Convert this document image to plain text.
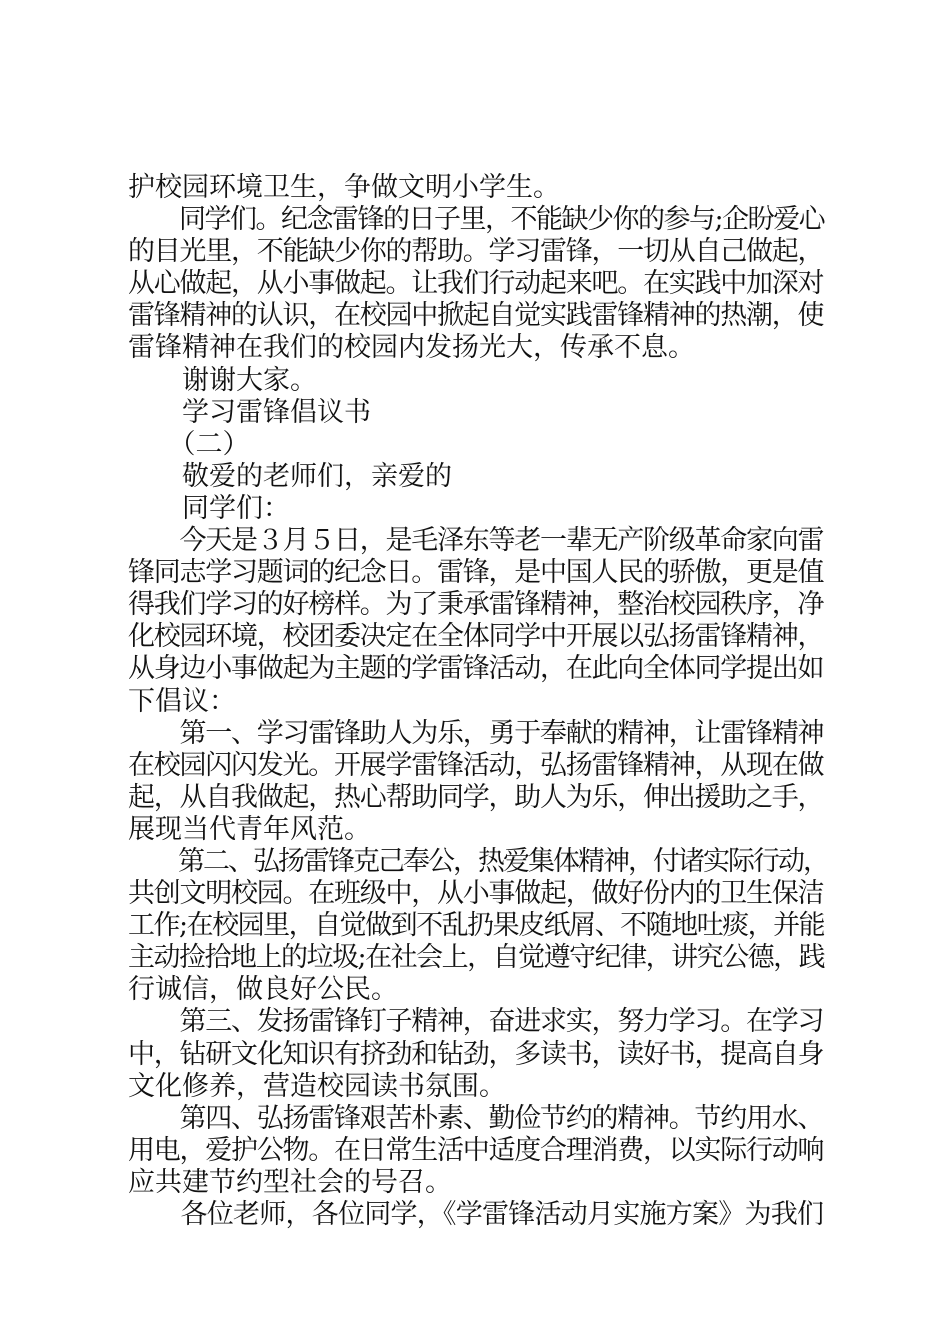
护校园环境卫生，争做文明小学生。
　　同学们。纪念雷锋的日子里，不能缺少你的参与;企盼爱心
的目光里，不能缺少你的帮助。学习雷锋，一切从自己做起，
从心做起，从小事做起。让我们行动起来吧。在实践中加深对
雷锋精神的认识，在校园中掀起自觉实践雷锋精神的热潮，使
雷锋精神在我们的校园内发扬光大，传承不息。
　　谢谢大家。
　　学习雷锋倡议书
　　（二）
　　敬爱的老师们，亲爱的
　　同学们：
　　今天是３月５日，是毛泽东等老一辈无产阶级革命家向雷
锋同志学习题词的纪念日。雷锋，是中国人民的骄傲，更是值
得我们学习的好榜样。为了秉承雷锋精神，整治校园秩序，净
化校园环境，校团委决定在全体同学中开展以弘扬雷锋精神，
从身边小事做起为主题的学雷锋活动，在此向全体同学提出如
下倡议：
　　第一、学习雷锋助人为乐，勇于奉献的精神，让雷锋精神
在校园闪闪发光。开展学雷锋活动，弘扬雷锋精神，从现在做
起，从自我做起，热心帮助同学，助人为乐，伸出援助之手，
展现当代青年风范。
　　第二、弘扬雷锋克己奉公，热爱集体精神，付诸实际行动，
共创文明校园。在班级中，从小事做起，做好份内的卫生保洁
工作;在校园里，自觉做到不乱扔果皮纸屑、不随地吐痰，并能
主动捡拾地上的垃圾;在社会上，自觉遵守纪律，讲究公德，践
行诚信，做良好公民。
　　第三、发扬雷锋钉子精神，奋进求实，努力学习。在学习
中，钻研文化知识有挤劲和钻劲，多读书，读好书，提高自身
文化修养，营造校园读书氛围。
　　第四、弘扬雷锋艰苦朴素、勤俭节约的精神。节约用水、
用电，爱护公物。在日常生活中适度合理消费，以实际行动响
应共建节约型社会的号召。
　　各位老师，各位同学，《学雷锋活动月实施方案》为我们
